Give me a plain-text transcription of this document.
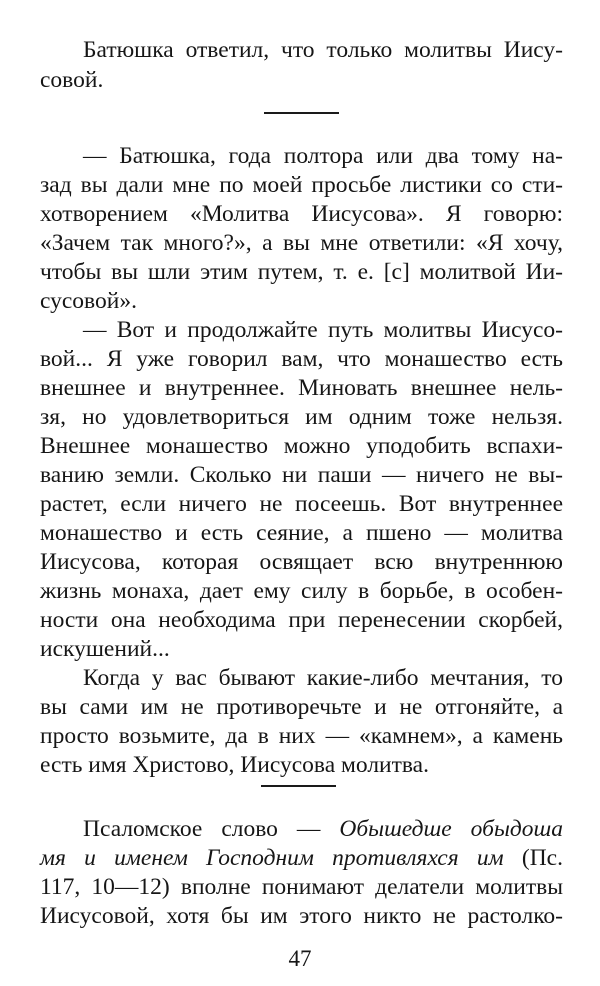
Батюшка ответил, что только молитвы Иису-
совой.
— Батюшка, года полтора или два тому на-
зад вы дали мне по моей просьбе листики со сти-
хотворением «Молитва Иисусова». Я говорю:
«Зачем так много?», а вы мне ответили: «Я хочу,
чтобы вы шли этим путем, т. е. [с] молитвой Ии-
сусовой».
— Вот и продолжайте путь молитвы Иисусо-
вой... Я уже говорил вам, что монашество есть
внешнее и внутреннее. Миновать внешнее нель-
зя, но удовлетвориться им одним тоже нельзя.
Внешнее монашество можно уподобить вспахи-
ванию земли. Сколько ни паши — ничего не вы-
растет, если ничего не посеешь. Вот внутреннее
монашество и есть сеяние, а пшено — молитва
Иисусова, которая освящает всю внутреннюю
жизнь монаха, дает ему силу в борьбе, в особен-
ности она необходима при перенесении скорбей,
искушений...
Когда у вас бывают какие-либо мечтания, то
вы сами им не противоречьте и не отгоняйте, а
просто возьмите, да в них — «камнем», а камень
есть имя Христово, Иисусова молитва.
Псаломское слово — Обышедше обыдоша
мя и именем Господним противляхся им (Пс.
117, 10—12) вполне понимают делатели молитвы
Иисусовой, хотя бы им этого никто не растолко-
47
